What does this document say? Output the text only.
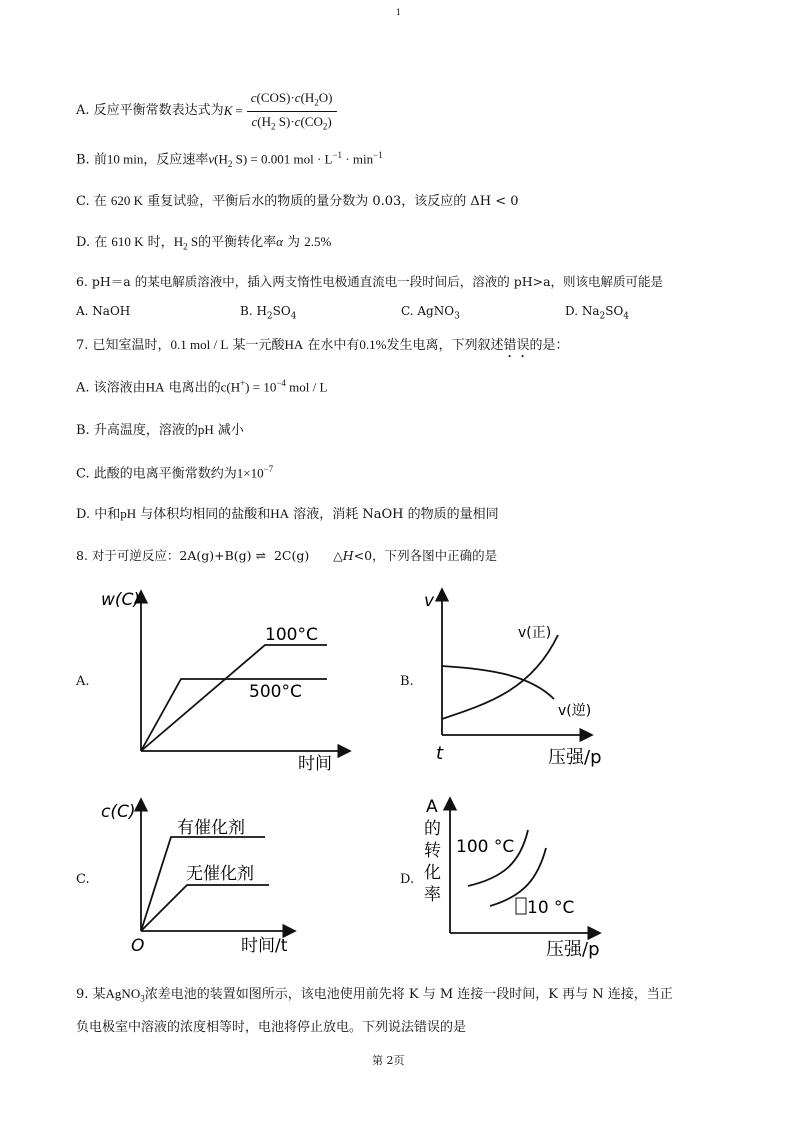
1
A.
反应平衡常数表达式为 $K = \frac{c(COS)\cdot c(H_2O)}{c(H_2 S)\cdot c(CO_2)}$
B. 前10 min，反应速率$v(H_2$ S) = 0.001 mol · $L^{-1} \cdot \min^{-1}$
C. 在 620 K 重复试验，平衡后水的物质的量分数为 0.03，该反应的 ΔH < 0
D. 在 610 K 时，$H_2$ S的平衡转化率α 为 2.5%
6. pH＝a 的某电解质溶液中，插入两支惰性电极通直流电一段时间后，溶液的 pH>a，则该电解质可能是
A. NaOH	B. $H_2SO_4$	C. AgNO$_3$	D. $Na_2SO_4$
7. 已知室温时，0.1 mol / L 某一元酸HA 在水中有0.1%发生电离，下列叙述错误的是：
A. 该溶液由HA 电离出的$c(H^+) = 10^{-4}$ mol / L
B. 升高温度，溶液的pH 减小
C. 此酸的电离平衡常数约为$1\times 10^{-7}$
D. 中和pH 与体积均相同的盐酸和HA 溶液，消耗 NaOH 的物质的量相同
8. 对于可逆反应：2A(g)+B(g) ⇌ 2C(g) △H<0，下列各图中正确的是
A.	B.
C.	D.
w(C)
时间
100°C
500°C
v
压强/p
t
v(正)
v(逆)
c(C)
时间/t
O
有催化剂
无催化剂
A
的
转
化
率
压强/p
100 °C
10 °C
9. 某AgNO$_3$浓差电池的装置如图所示，该电池使用前先将 K 与 M 连接一段时间，K 再与 N 连接，当正
负电极室中溶液的浓度相等时，电池将停止放电。下列说法错误的是
第 2页
